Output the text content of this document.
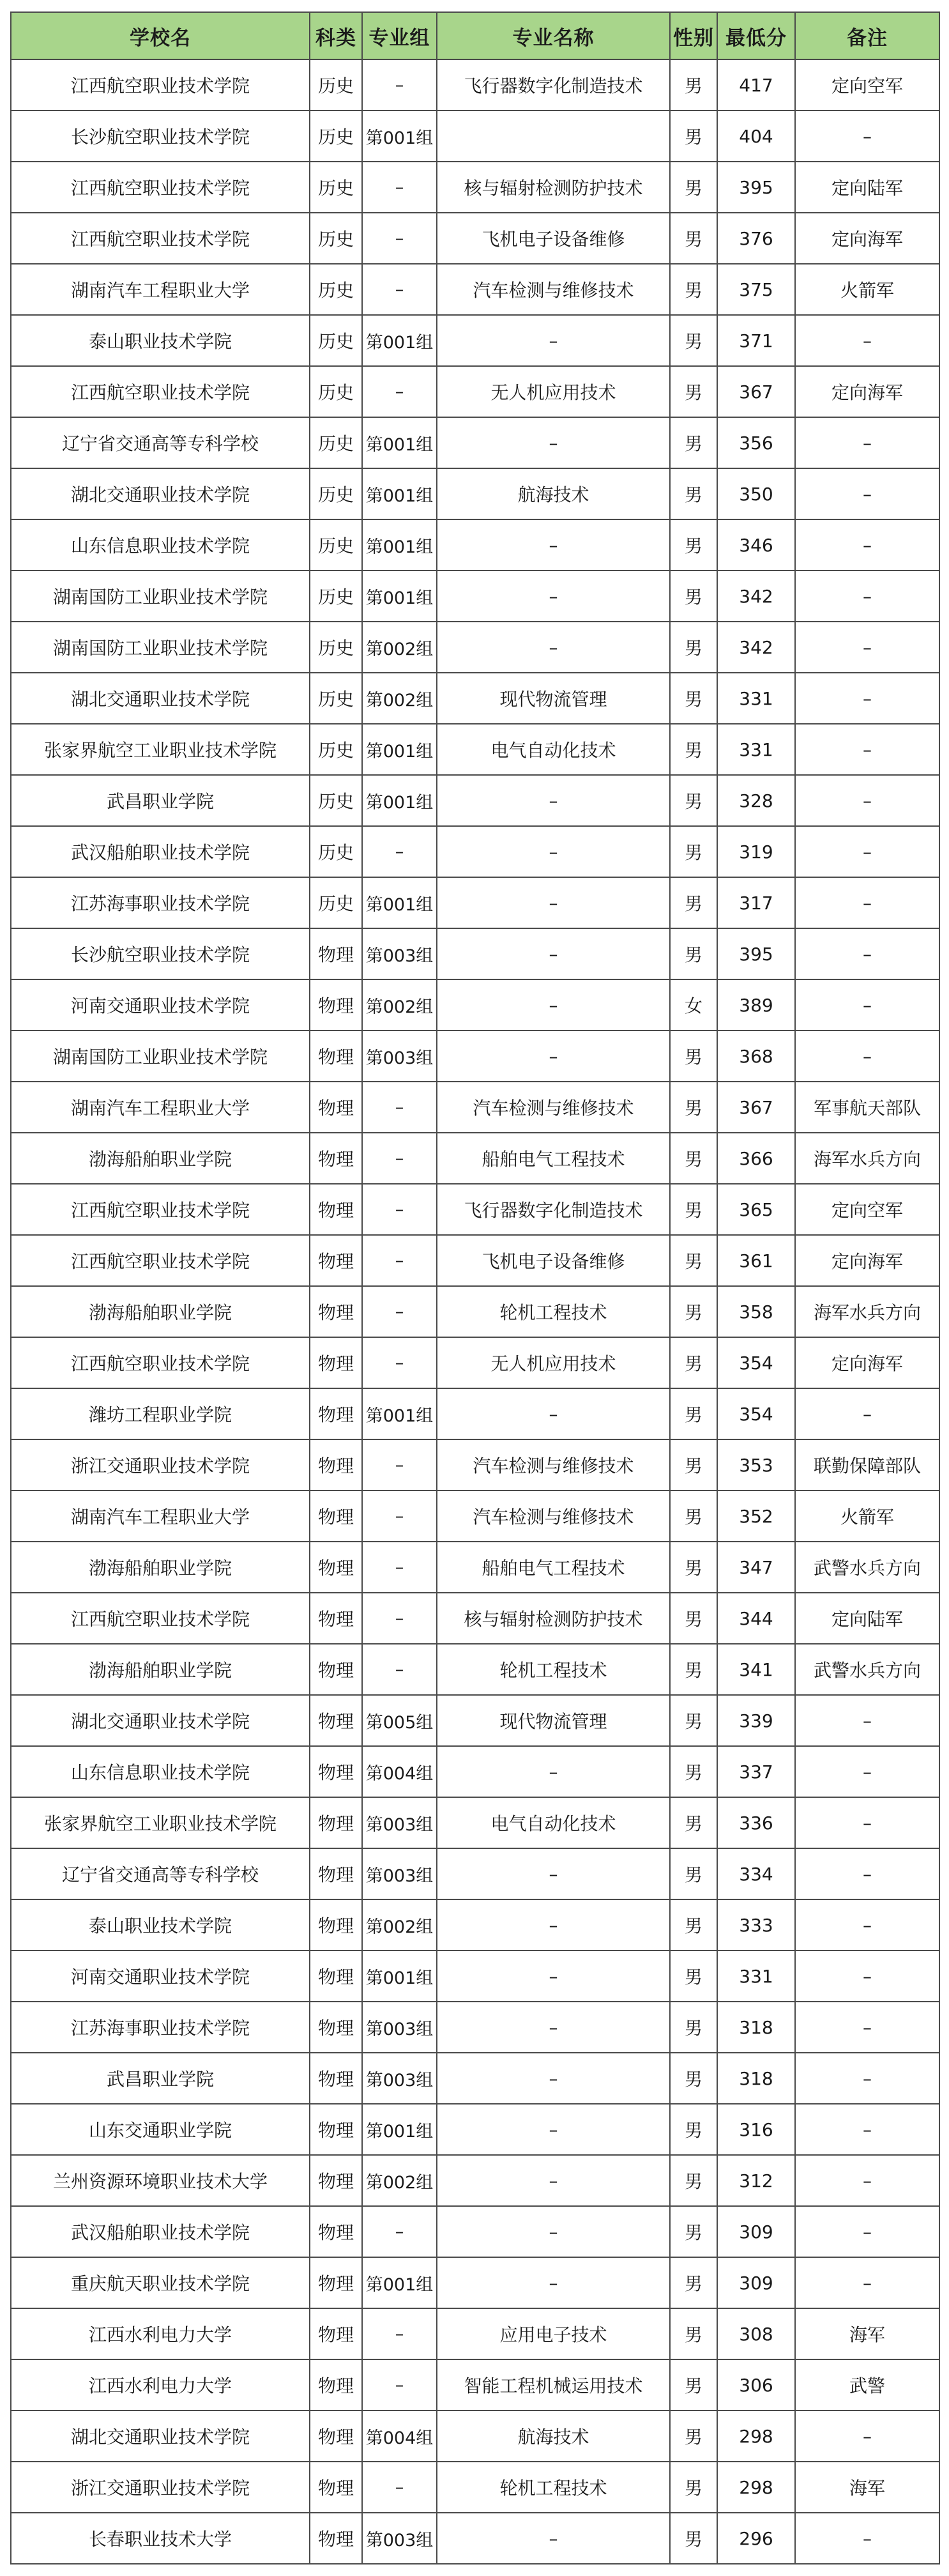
学校名	科类	专业组	专业名称	性别	最低分	备注
江西航空职业技术学院	历史	–	飞行器数字化制造技术	男	417	定向空军
长沙航空职业技术学院	历史	第001组		男	404	–
江西航空职业技术学院	历史	–	核与辐射检测防护技术	男	395	定向陆军
江西航空职业技术学院	历史	–	飞机电子设备维修	男	376	定向海军
湖南汽车工程职业大学	历史	–	汽车检测与维修技术	男	375	火箭军
泰山职业技术学院	历史	第001组	–	男	371	–
江西航空职业技术学院	历史	–	无人机应用技术	男	367	定向海军
辽宁省交通高等专科学校	历史	第001组	–	男	356	–
湖北交通职业技术学院	历史	第001组	航海技术	男	350	–
山东信息职业技术学院	历史	第001组	–	男	346	–
湖南国防工业职业技术学院	历史	第001组	–	男	342	–
湖南国防工业职业技术学院	历史	第002组	–	男	342	–
湖北交通职业技术学院	历史	第002组	现代物流管理	男	331	–
张家界航空工业职业技术学院	历史	第001组	电气自动化技术	男	331	–
武昌职业学院	历史	第001组	–	男	328	–
武汉船舶职业技术学院	历史	–	–	男	319	–
江苏海事职业技术学院	历史	第001组	–	男	317	–
长沙航空职业技术学院	物理	第003组	–	男	395	–
河南交通职业技术学院	物理	第002组	–	女	389	–
湖南国防工业职业技术学院	物理	第003组	–	男	368	–
湖南汽车工程职业大学	物理	–	汽车检测与维修技术	男	367	军事航天部队
渤海船舶职业学院	物理	–	船舶电气工程技术	男	366	海军水兵方向
江西航空职业技术学院	物理	–	飞行器数字化制造技术	男	365	定向空军
江西航空职业技术学院	物理	–	飞机电子设备维修	男	361	定向海军
渤海船舶职业学院	物理	–	轮机工程技术	男	358	海军水兵方向
江西航空职业技术学院	物理	–	无人机应用技术	男	354	定向海军
潍坊工程职业学院	物理	第001组	–	男	354	–
浙江交通职业技术学院	物理	–	汽车检测与维修技术	男	353	联勤保障部队
湖南汽车工程职业大学	物理	–	汽车检测与维修技术	男	352	火箭军
渤海船舶职业学院	物理	–	船舶电气工程技术	男	347	武警水兵方向
江西航空职业技术学院	物理	–	核与辐射检测防护技术	男	344	定向陆军
渤海船舶职业学院	物理	–	轮机工程技术	男	341	武警水兵方向
湖北交通职业技术学院	物理	第005组	现代物流管理	男	339	–
山东信息职业技术学院	物理	第004组	–	男	337	–
张家界航空工业职业技术学院	物理	第003组	电气自动化技术	男	336	–
辽宁省交通高等专科学校	物理	第003组	–	男	334	–
泰山职业技术学院	物理	第002组	–	男	333	–
河南交通职业技术学院	物理	第001组	–	男	331	–
江苏海事职业技术学院	物理	第003组	–	男	318	–
武昌职业学院	物理	第003组	–	男	318	–
山东交通职业学院	物理	第001组	–	男	316	–
兰州资源环境职业技术大学	物理	第002组	–	男	312	–
武汉船舶职业技术学院	物理	–	–	男	309	–
重庆航天职业技术学院	物理	第001组	–	男	309	–
江西水利电力大学	物理	–	应用电子技术	男	308	海军
江西水利电力大学	物理	–	智能工程机械运用技术	男	306	武警
湖北交通职业技术学院	物理	第004组	航海技术	男	298	–
浙江交通职业技术学院	物理	–	轮机工程技术	男	298	海军
长春职业技术大学	物理	第003组	–	男	296	–
